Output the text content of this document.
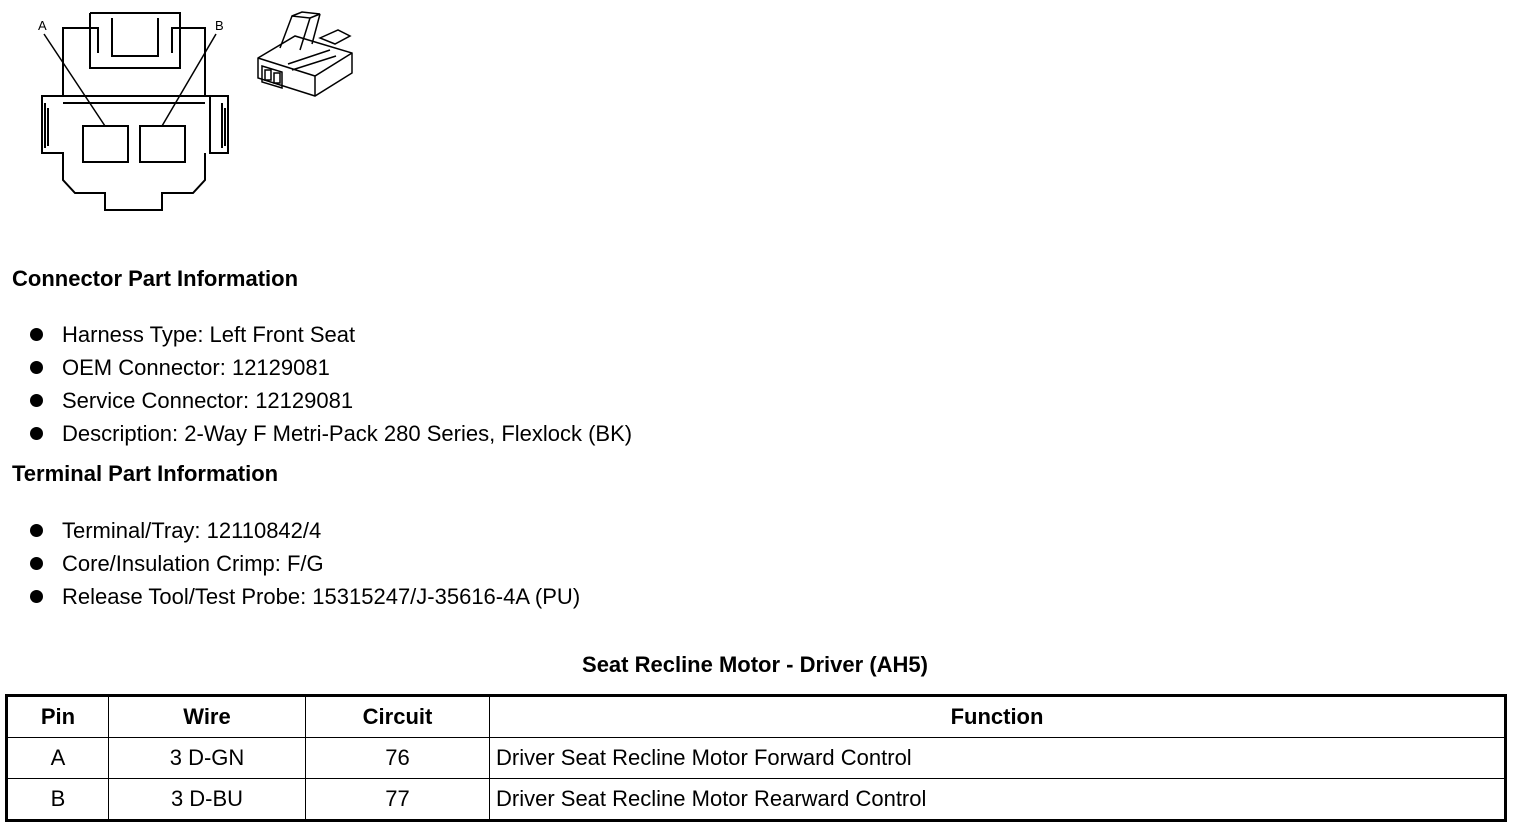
A	B
Connector Part Information
Harness Type: Left Front Seat
OEM Connector: 12129081
Service Connector: 12129081
Description: 2-Way F Metri-Pack 280 Series, Flexlock (BK)
Terminal Part Information
Terminal/Tray: 12110842/4
Core/Insulation Crimp: F/G
Release Tool/Test Probe: 15315247/J-35616-4A (PU)
Seat Recline Motor - Driver (AH5)
Pin	Wire	Circuit	Function
A	3 D-GN	76	Driver Seat Recline Motor Forward Control
B	3 D-BU	77	Driver Seat Recline Motor Rearward Control
